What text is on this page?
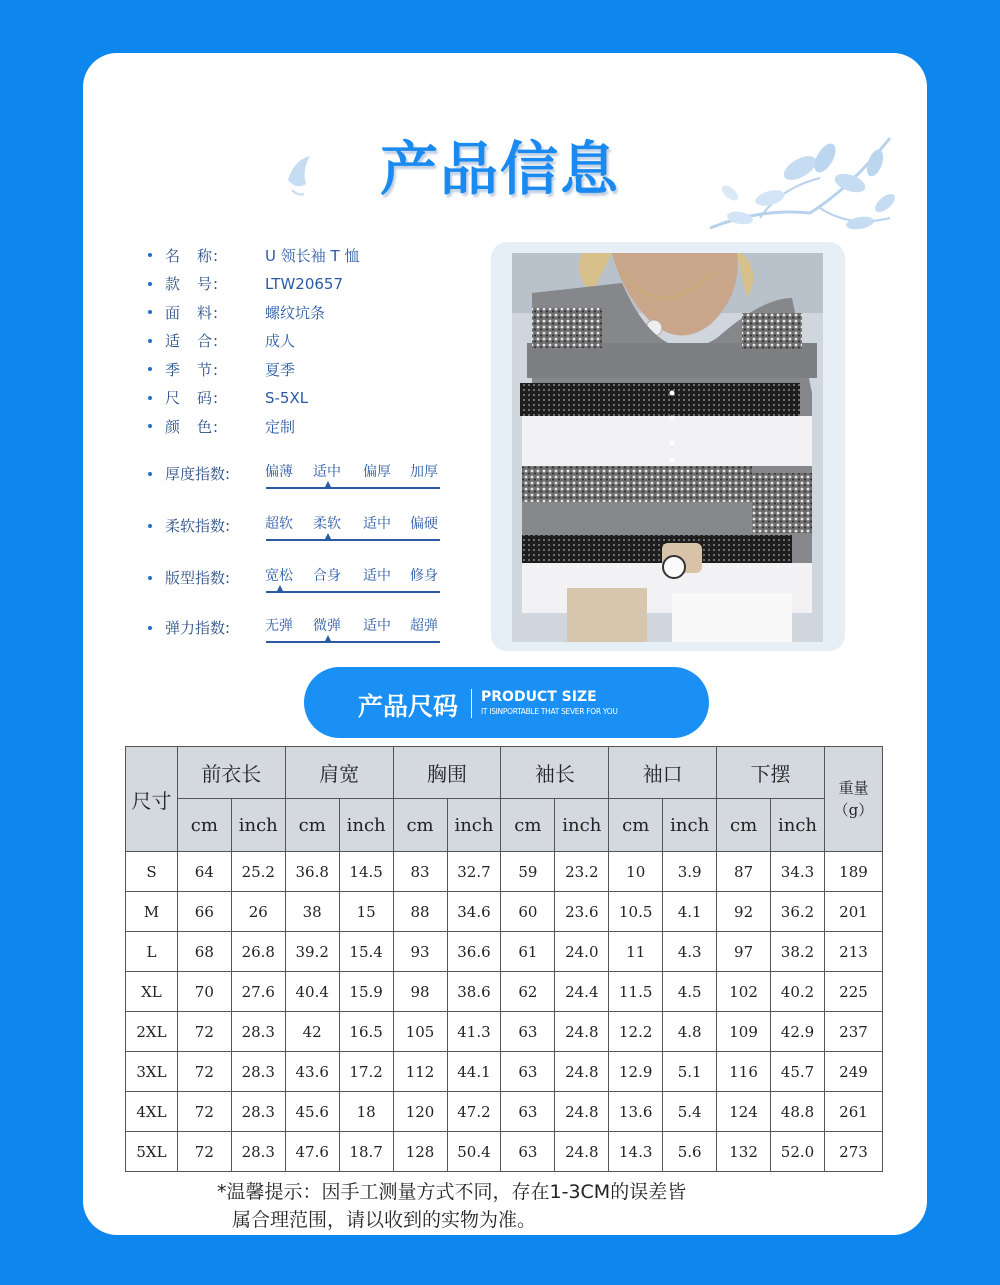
产品信息
名　称:	U 领长袖 T 恤
款　号:	LTW20657
面　料:	螺纹坑条
适　合:	成人
季　节:	夏季
尺　码:	S-5XL
颜　色:	定制
厚度指数: 偏薄 适中 偏厚 加厚
柔软指数: 超软 柔软 适中 偏硬
版型指数: 宽松 合身 适中 修身
弹力指数: 无弹 微弹 适中 超弹
产品尺码 PRODUCT SIZE
IT ISINPORTABLE THAT SEVER FOR YOU
尺寸	前衣长		肩宽		胸围		袖长		袖口		下摆		重量
（g）
	cm	inch	cm	inch	cm	inch	cm	inch	cm	inch	cm	inch	
S	64	25.2	36.8	14.5	83	32.7	59	23.2	10	3.9	87	34.3	189
M	66	26	38	15	88	34.6	60	23.6	10.5	4.1	92	36.2	201
L	68	26.8	39.2	15.4	93	36.6	61	24.0	11	4.3	97	38.2	213
XL	70	27.6	40.4	15.9	98	38.6	62	24.4	11.5	4.5	102	40.2	225
2XL	72	28.3	42	16.5	105	41.3	63	24.8	12.2	4.8	109	42.9	237
3XL	72	28.3	43.6	17.2	112	44.1	63	24.8	12.9	5.1	116	45.7	249
4XL	72	28.3	45.6	18	120	47.2	63	24.8	13.6	5.4	124	48.8	261
5XL	72	28.3	47.6	18.7	128	50.4	63	24.8	14.3	5.6	132	52.0	273
*温馨提示：因手工测量方式不同，存在1-3CM的误差皆
属合理范围，请以收到的实物为准。
